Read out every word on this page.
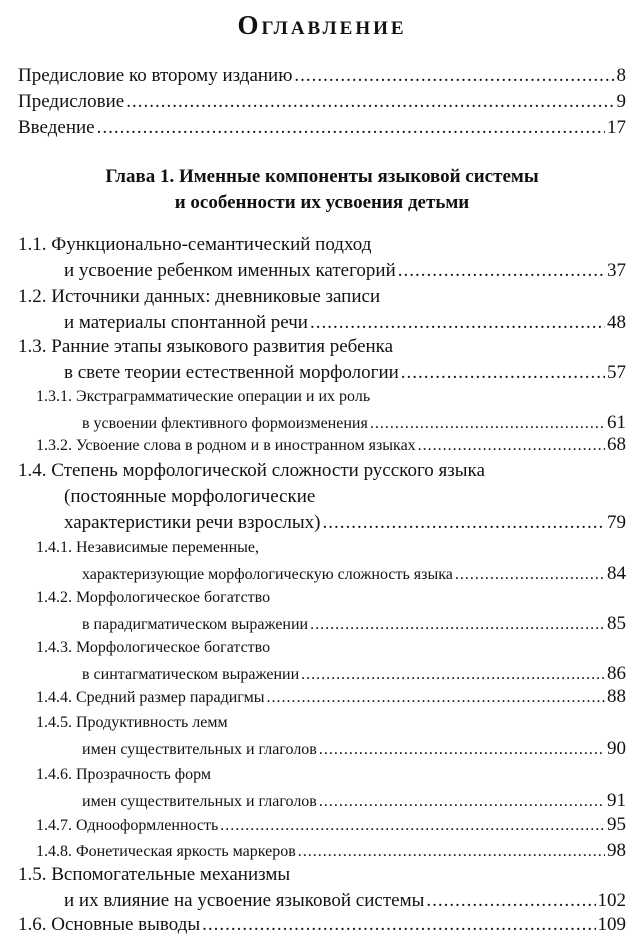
Оглавление
Предисловие ко второму изданию .....	8
Предисловие .....	9
Введение .....	17
Глава 1. Именные компоненты языковой системы
и особенности их усвоения детьми
1.1. Функционально-семантический подход
и усвоение ребенком именных категорий .....	37
1.2. Источники данных: дневниковые записи
и материалы спонтанной речи .....	48
1.3. Ранние этапы языкового развития ребенка
в свете теории естественной морфологии .....	57
1.3.1. Экстраграмматические операции и их роль
в усвоении флективного формоизменения .....	61
1.3.2. Усвоение слова в родном и в иностранном языках .....	68
1.4. Степень морфологической сложности русского языка
(постоянные морфологические
характеристики речи взрослых) .....	79
1.4.1. Независимые переменные,
характеризующие морфологическую сложность языка .....	84
1.4.2. Морфологическое богатство
в парадигматическом выражении .....	85
1.4.3. Морфологическое богатство
в синтагматическом выражении .....	86
1.4.4. Средний размер парадигмы .....	88
1.4.5. Продуктивность лемм
имен существительных и глаголов .....	90
1.4.6. Прозрачность форм
имен существительных и глаголов .....	91
1.4.7. Однооформленность .....	95
1.4.8. Фонетическая яркость маркеров .....	98
1.5. Вспомогательные механизмы
и их влияние на усвоение языковой системы .....	102
1.6. Основные выводы .....	109
